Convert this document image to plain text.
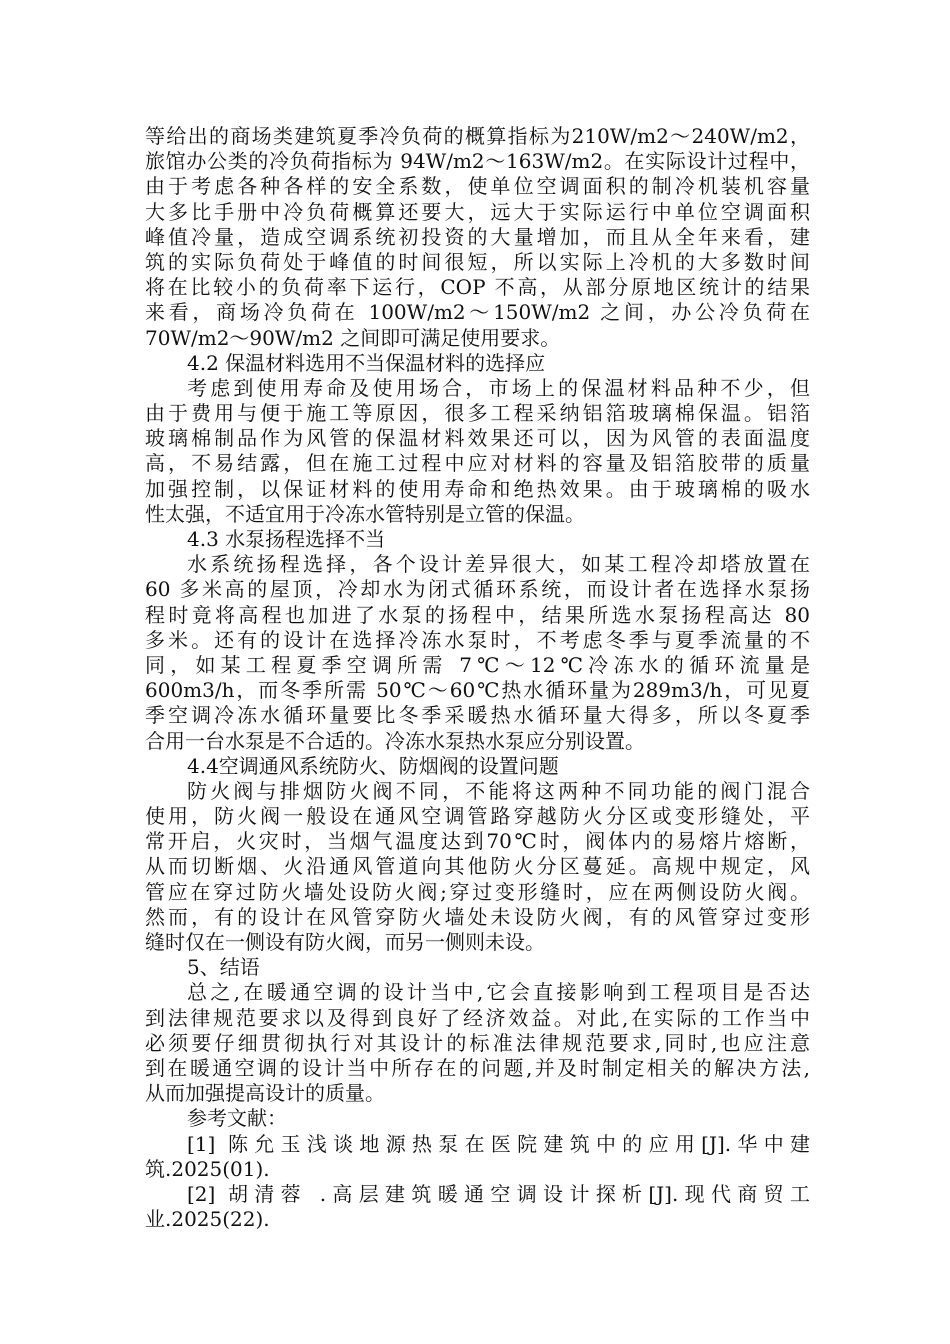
等给出的商场类建筑夏季冷负荷的概算指标为210W/m2～240W/m2，
旅馆办公类的冷负荷指标为 94W/m2～163W/m2。在实际设计过程中，
由于考虑各种各样的安全系数，使单位空调面积的制冷机装机容量
大多比手册中冷负荷概算还要大，远大于实际运行中单位空调面积
峰值冷量，造成空调系统初投资的大量增加，而且从全年来看，建
筑的实际负荷处于峰值的时间很短，所以实际上冷机的大多数时间
将在比较小的负荷率下运行，COP 不高，从部分原地区统计的结果
来看，商场冷负荷在 100W/m2～150W/m2 之间，办公冷负荷在
70W/m2～90W/m2 之间即可满足使用要求。
4.2 保温材料选用不当保温材料的选择应
考虑到使用寿命及使用场合，市场上的保温材料品种不少，但
由于费用与便于施工等原因，很多工程采纳铝箔玻璃棉保温。铝箔
玻璃棉制品作为风管的保温材料效果还可以，因为风管的表面温度
高，不易结露，但在施工过程中应对材料的容量及铝箔胶带的质量
加强控制，以保证材料的使用寿命和绝热效果。由于玻璃棉的吸水
性太强，不适宜用于冷冻水管特别是立管的保温。
4.3 水泵扬程选择不当
水系统扬程选择，各个设计差异很大，如某工程冷却塔放置在
60 多米高的屋顶，冷却水为闭式循环系统，而设计者在选择水泵扬
程时竟将高程也加进了水泵的扬程中，结果所选水泵扬程高达 80
多米。还有的设计在选择冷冻水泵时，不考虑冬季与夏季流量的不
同，如某工程夏季空调所需 7℃～12℃冷冻水的循环流量是
600m3/h，而冬季所需 50℃～60℃热水循环量为289m3/h，可见夏
季空调冷冻水循环量要比冬季采暖热水循环量大得多，所以冬夏季
合用一台水泵是不合适的。冷冻水泵热水泵应分别设置。
4.4空调通风系统防火、防烟阀的设置问题
防火阀与排烟防火阀不同，不能将这两种不同功能的阀门混合
使用，防火阀一般设在通风空调管路穿越防火分区或变形缝处，平
常开启，火灾时，当烟气温度达到70℃时，阀体内的易熔片熔断，
从而切断烟、火沿通风管道向其他防火分区蔓延。高规中规定，风
管应在穿过防火墙处设防火阀;穿过变形缝时，应在两侧设防火阀。
然而，有的设计在风管穿防火墙处未设防火阀，有的风管穿过变形
缝时仅在一侧设有防火阀，而另一侧则未设。
5、结语
总之,在暖通空调的设计当中,它会直接影响到工程项目是否达
到法律规范要求以及得到良好了经济效益。对此,在实际的工作当中
必须要仔细贯彻执行对其设计的标准法律规范要求,同时,也应注意
到在暖通空调的设计当中所存在的问题,并及时制定相关的解决方法,
从而加强提高设计的质量。
参考文献：
[1] 陈允玉浅谈地源热泵在医院建筑中的应用[J].华中建
筑.2025(01).
[2] 胡清蓉 .高层建筑暖通空调设计探析[J].现代商贸工
业.2025(22).
